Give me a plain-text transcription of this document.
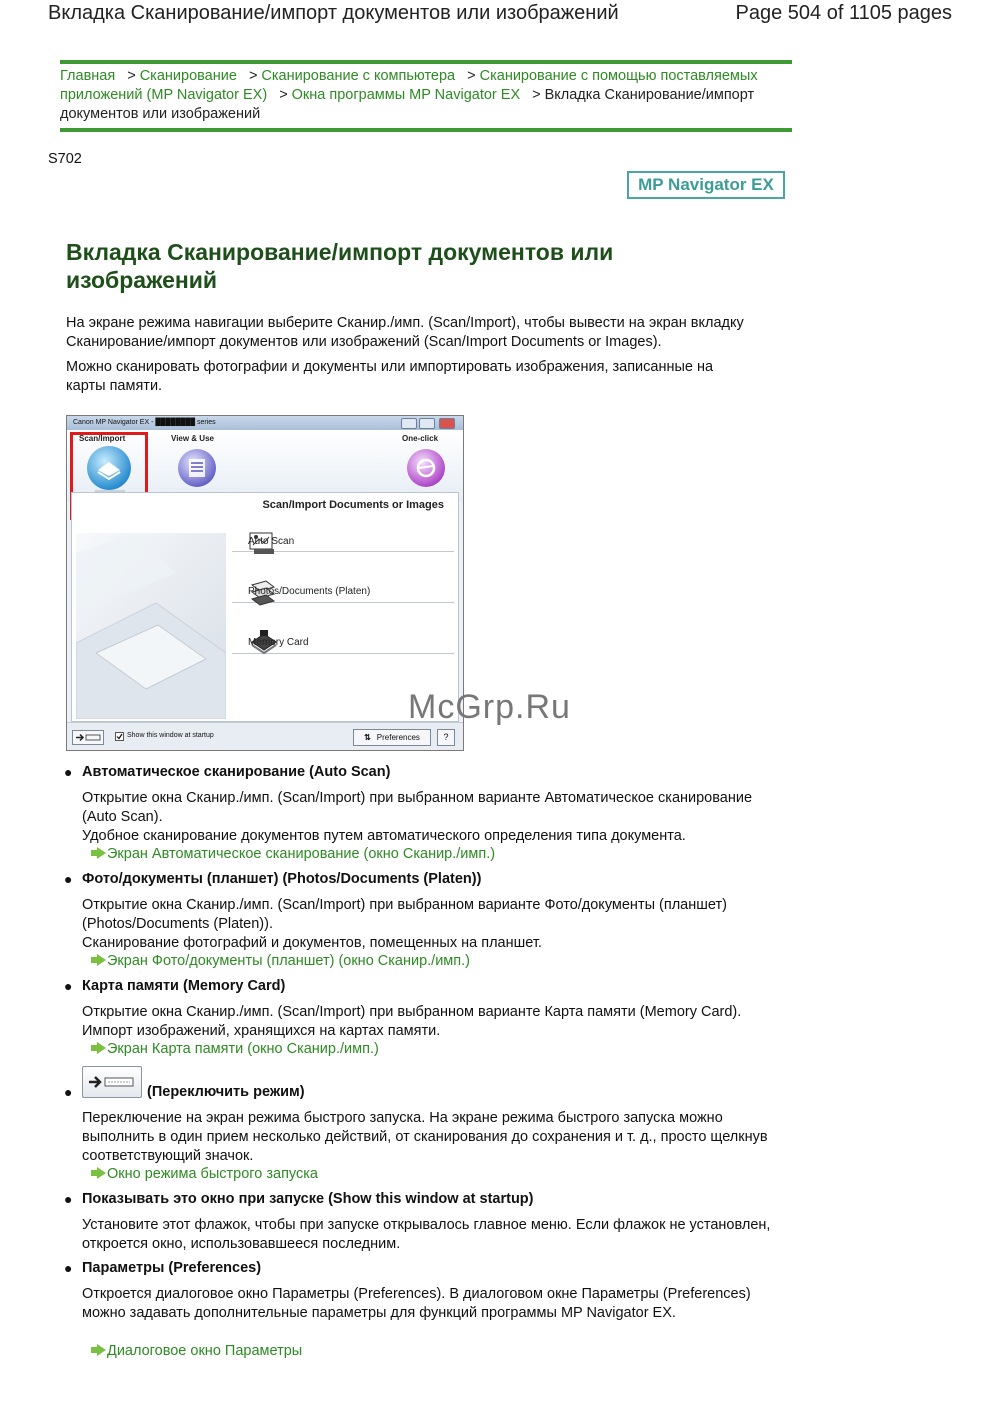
Вкладка Сканирование/импорт документов или изображений	Page 504 of 1105 pages
Главная > Сканирование > Сканирование с компьютера > Сканирование с помощью поставляемых приложений (MP Navigator EX) > Окна программы MP Navigator EX > Вкладка Сканирование/импорт документов или изображений
S702
MP Navigator EX
Вкладка Сканирование/импорт документов или изображений
На экране режима навигации выберите Сканир./имп. (Scan/Import), чтобы вывести на экран вкладку Сканирование/импорт документов или изображений (Scan/Import Documents or Images).
Можно сканировать фотографии и документы или импортировать изображения, записанные на карты памяти.
Canon MP Navigator EX - ████████ series
Scan/Import	View & Use	One-click
Scan/Import Documents or Images
Auto Scan
Photos/Documents (Platen)
Memory Card
Show this window at startup	⇅ Preferences	?
McGrp.Ru
● Автоматическое сканирование (Auto Scan)
Открытие окна Сканир./имп. (Scan/Import) при выбранном варианте Автоматическое сканирование (Auto Scan).
Удобное сканирование документов путем автоматического определения типа документа.
Экран Автоматическое сканирование (окно Сканир./имп.)
● Фото/документы (планшет) (Photos/Documents (Platen))
Открытие окна Сканир./имп. (Scan/Import) при выбранном варианте Фото/документы (планшет) (Photos/Documents (Platen)).
Сканирование фотографий и документов, помещенных на планшет.
Экран Фото/документы (планшет) (окно Сканир./имп.)
● Карта памяти (Memory Card)
Открытие окна Сканир./имп. (Scan/Import) при выбранном варианте Карта памяти (Memory Card).
Импорт изображений, хранящихся на картах памяти.
Экран Карта памяти (окно Сканир./имп.)
●	(Переключить режим)
Переключение на экран режима быстрого запуска. На экране режима быстрого запуска можно выполнить в один прием несколько действий, от сканирования до сохранения и т. д., просто щелкнув соответствующий значок.
Окно режима быстрого запуска
● Показывать это окно при запуске (Show this window at startup)
Установите этот флажок, чтобы при запуске открывалось главное меню. Если флажок не установлен, откроется окно, использовавшееся последним.
● Параметры (Preferences)
Откроется диалоговое окно Параметры (Preferences). В диалоговом окне Параметры (Preferences) можно задавать дополнительные параметры для функций программы MP Navigator EX.
Диалоговое окно Параметры
